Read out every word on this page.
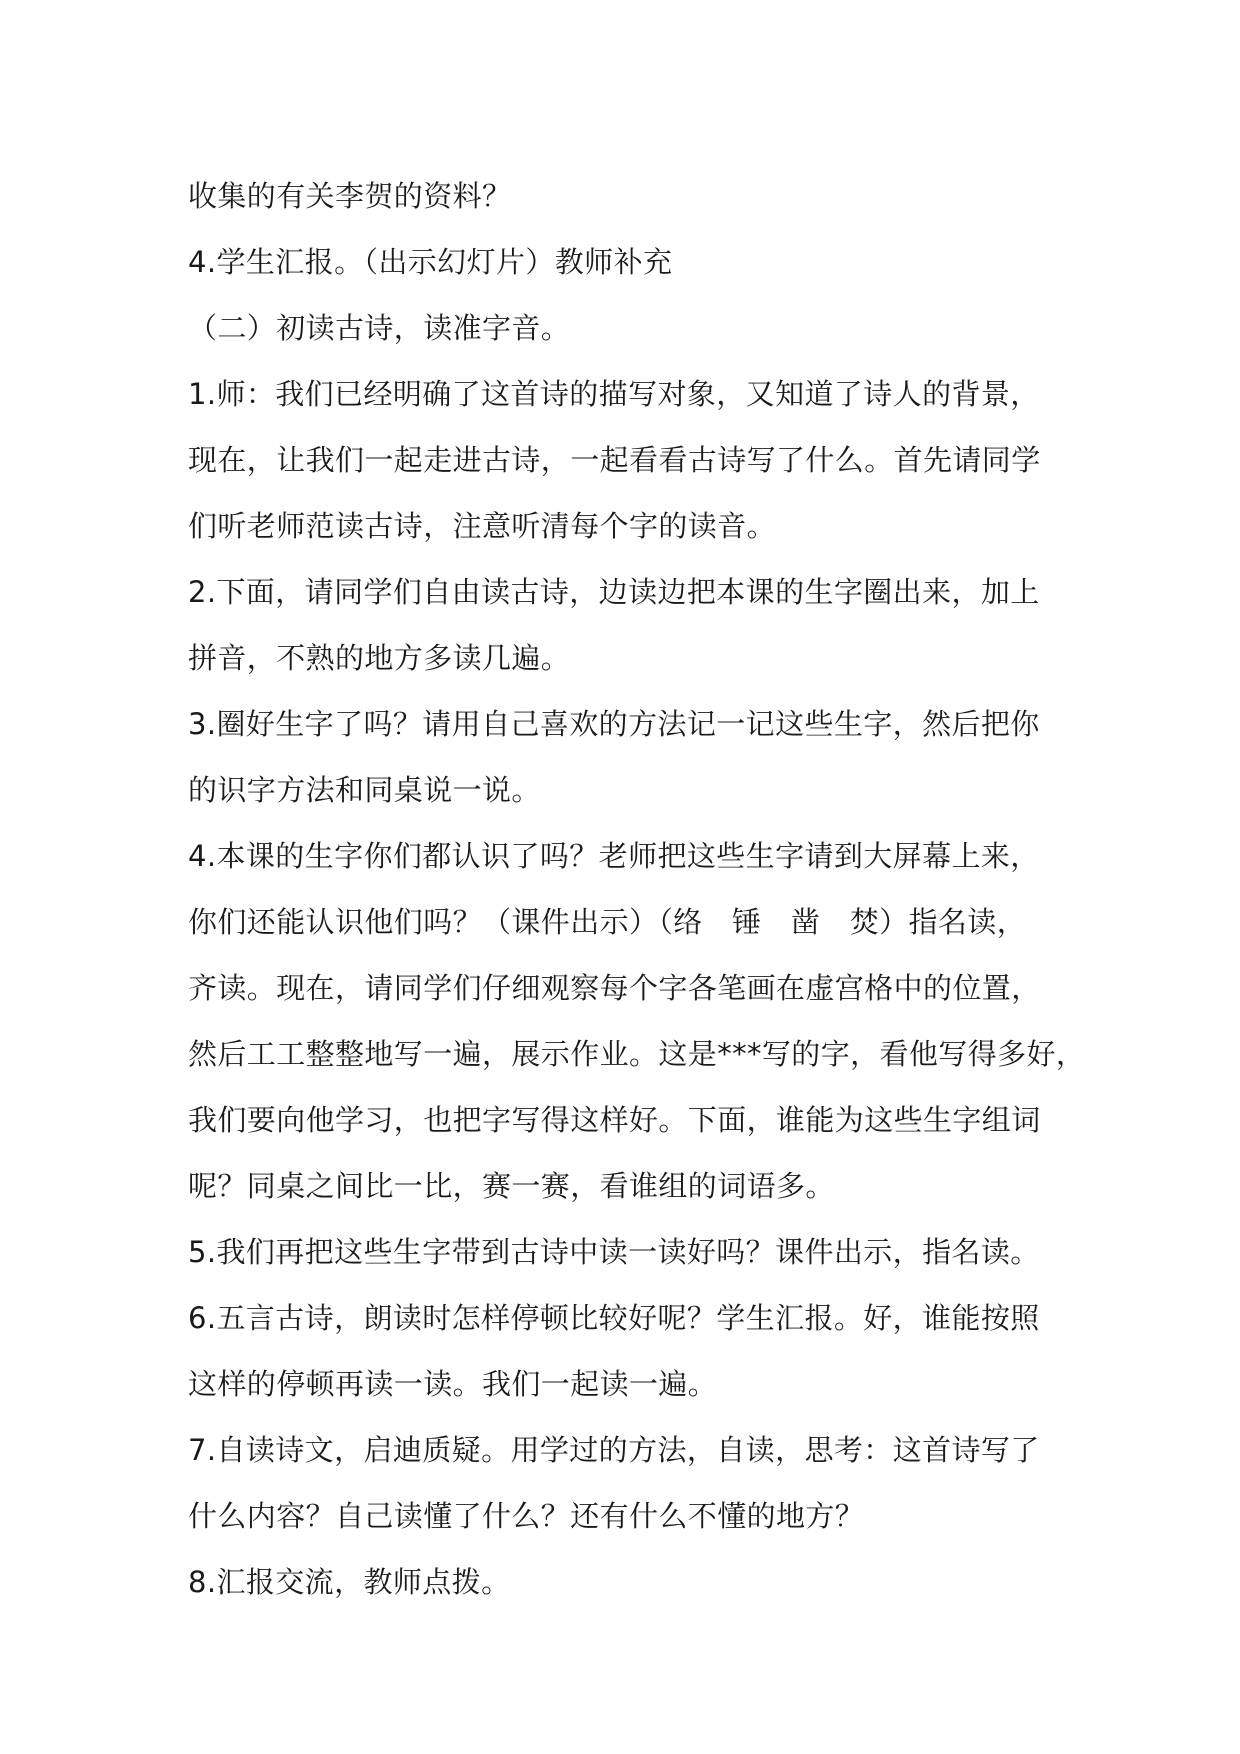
收集的有关李贺的资料？
4.学生汇报。（出示幻灯片）教师补充
（二）初读古诗，读准字音。
1.师：我们已经明确了这首诗的描写对象，又知道了诗人的背景，
现在，让我们一起走进古诗，一起看看古诗写了什么。首先请同学
们听老师范读古诗，注意听清每个字的读音。
2.下面，请同学们自由读古诗，边读边把本课的生字圈出来，加上
拼音，不熟的地方多读几遍。
3.圈好生字了吗？请用自己喜欢的方法记一记这些生字，然后把你
的识字方法和同桌说一说。
4.本课的生字你们都认识了吗？老师把这些生字请到大屏幕上来，
你们还能认识他们吗？（课件出示）（络　锤　凿　焚）指名读，
齐读。现在，请同学们仔细观察每个字各笔画在虚宫格中的位置，
然后工工整整地写一遍，展示作业。这是***写的字，看他写得多好，
我们要向他学习，也把字写得这样好。下面，谁能为这些生字组词
呢？同桌之间比一比，赛一赛，看谁组的词语多。
5.我们再把这些生字带到古诗中读一读好吗？课件出示，指名读。
6.五言古诗，朗读时怎样停顿比较好呢？学生汇报。好，谁能按照
这样的停顿再读一读。我们一起读一遍。
7.自读诗文，启迪质疑。用学过的方法，自读，思考：这首诗写了
什么内容？自己读懂了什么？还有什么不懂的地方？
8.汇报交流，教师点拨。
